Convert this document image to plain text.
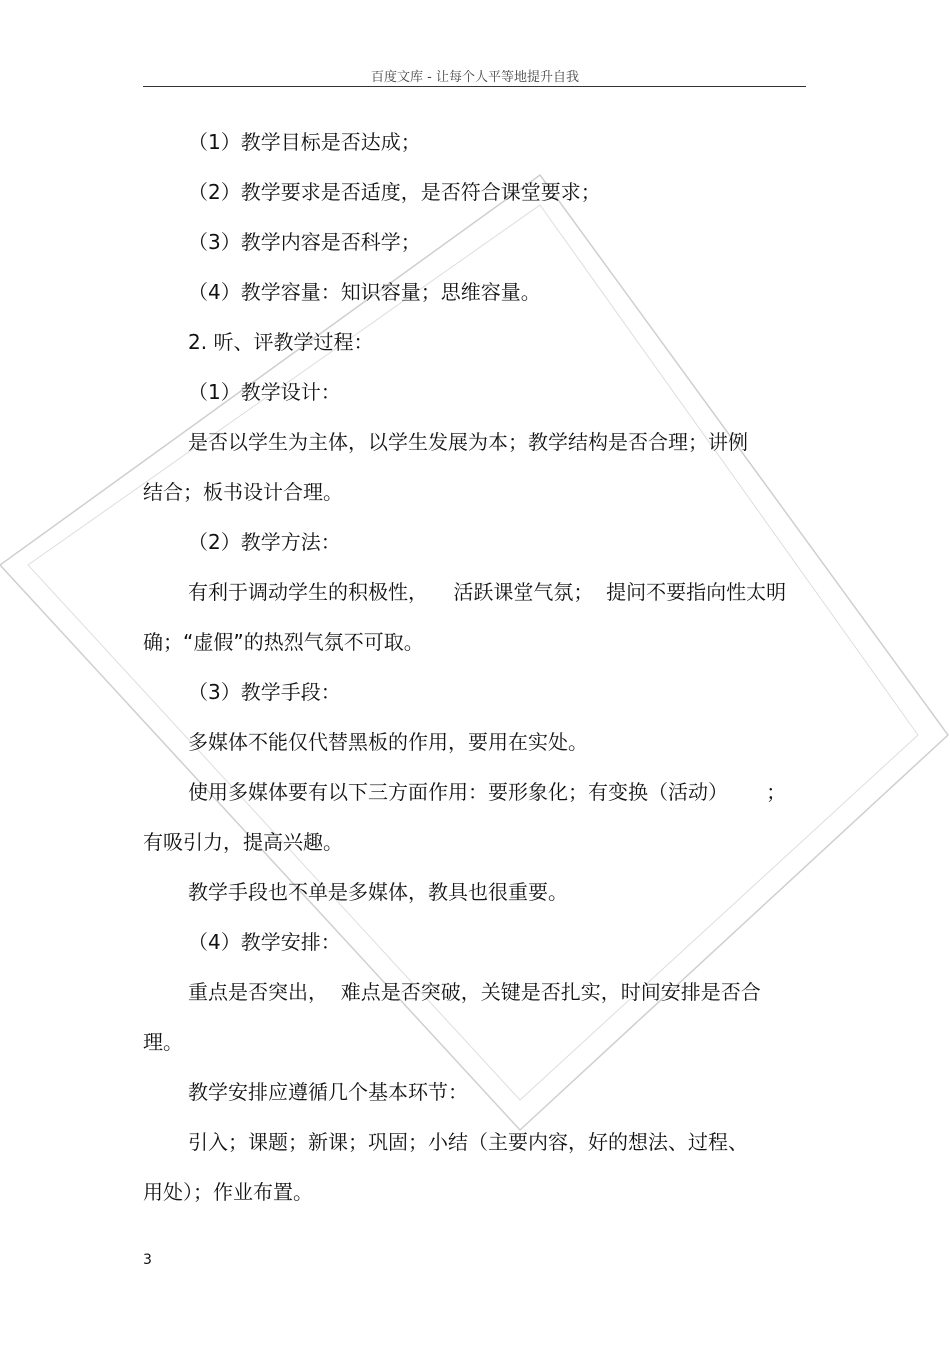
百度文库 - 让每个人平等地提升自我
（1）教学目标是否达成；
（2）教学要求是否适度，是否符合课堂要求；
（3）教学内容是否科学；
（4）教学容量：知识容量；思维容量。
2. 听、评教学过程：
（1）教学设计：
是否以学生为主体，以学生发展为本；教学结构是否合理；讲例
结合；板书设计合理。
（2）教学方法：
有利于调动学生的积极性，    活跃课堂气氛；  提问不要指向性太明
确；“虚假”的热烈气氛不可取。
（3）教学手段：
多媒体不能仅代替黑板的作用，要用在实处。
使用多媒体要有以下三方面作用：要形象化；有变换（活动）      ；
有吸引力，提高兴趣。
教学手段也不单是多媒体，教具也很重要。
（4）教学安排：
重点是否突出，  难点是否突破，关键是否扎实，时间安排是否合
理。
教学安排应遵循几个基本环节：
引入；课题；新课；巩固；小结（主要内容，好的想法、过程、
用处）；作业布置。
3
